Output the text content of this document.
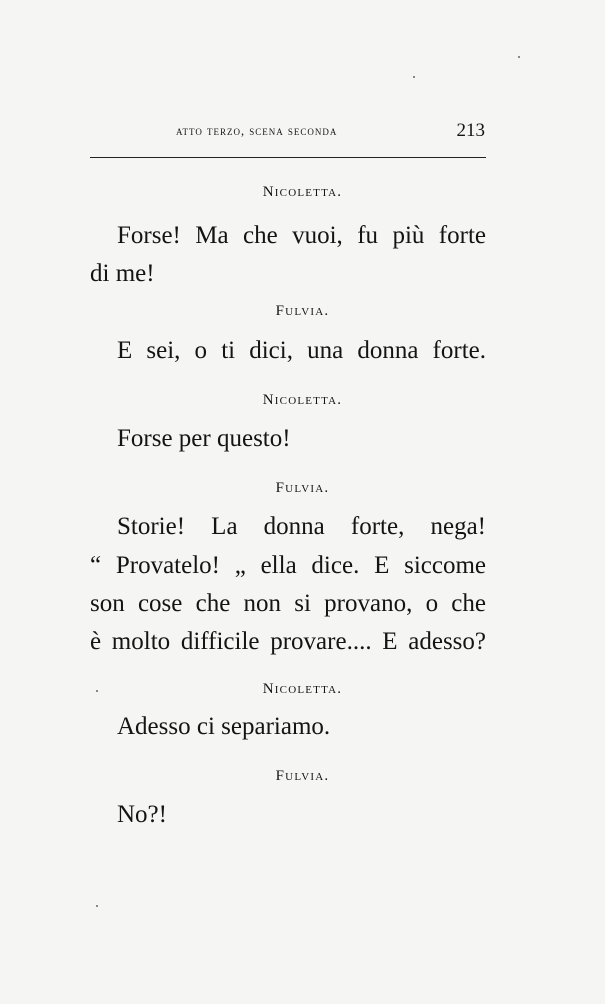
atto terzo, scena seconda	213
Nicoletta.
Forse! Ma che vuoi, fu più forte
di me!
Fulvia.
E sei, o ti dici, una donna forte.
Nicoletta.
Forse per questo!
Fulvia.
Storie! La donna forte, nega!
“ Provatelo! „ ella dice. E siccome
son cose che non si provano, o che
è molto difficile provare.... E adesso?
Nicoletta.
Adesso ci separiamo.
Fulvia.
No?!
